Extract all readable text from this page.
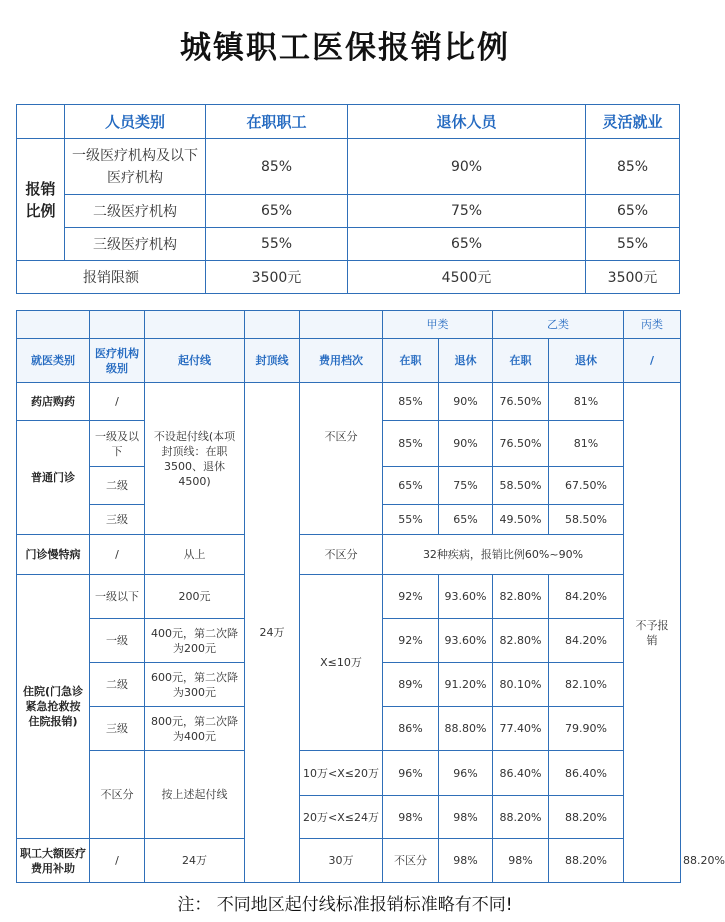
城镇职工医保报销比例
	人员类别	在职职工	退休人员	灵活就业
报销比例	一级医疗机构及以下医疗机构	85%	90%	85%
	二级医疗机构	65%	75%	65%
	三级医疗机构	55%	65%	55%
报销限额		3500元	4500元	3500元
					甲类		乙类		丙类	
就医类别	医疗机构级别	起付线	封顶线	费用档次	在职	退休	在职	退休	/	
药店购药	/	不设起付线(本项封顶线：在职3500、退休4500)	24万		85%	90%	76.50%	81%	不予报销	
普通门诊	一级及以下			不区分	85%	90%	76.50%	81%		
	二级				65%	75%	58.50%	67.50%		
	三级				55%	65%	49.50%	58.50%		
门诊慢特病	/	从上		不区分	32种疾病，报销比例60%~90%					
住院(门急诊紧急抢救按住院报销)	一级以下	200元		X≤10万	92%	93.60%	82.80%	84.20%		
	一级	400元，第二次降为200元			92%	93.60%	82.80%	84.20%		
	二级	600元，第二次降为300元			89%	91.20%	80.10%	82.10%		
	三级	800元，第二次降为400元			86%	88.80%	77.40%	79.90%		
	不区分	按上述起付线		10万<X≤20万	96%	96%	86.40%	86.40%		
				20万<X≤24万	98%	98%	88.20%	88.20%		
职工大额医疗费用补助	/	24万		30万	不区分	98%	98%	88.20%		88.20%
注： 不同地区起付线标准报销标准略有不同!
